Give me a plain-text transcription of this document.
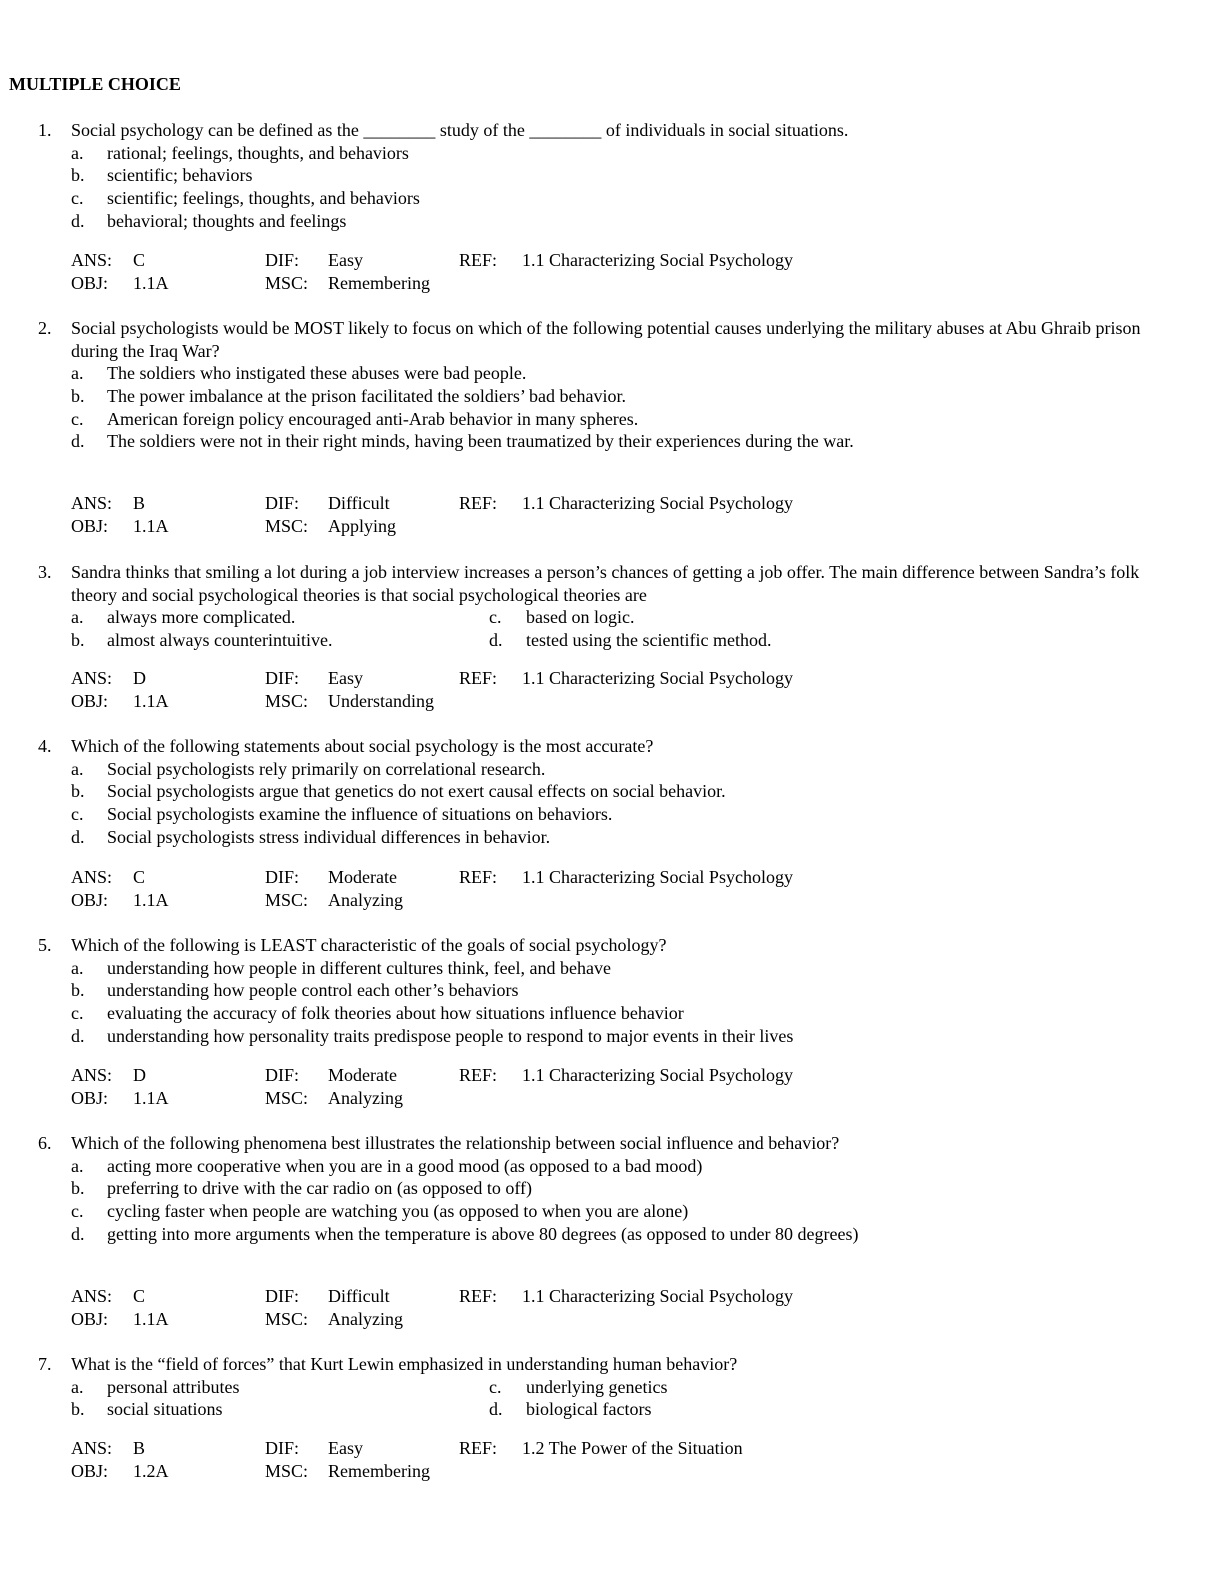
MULTIPLE CHOICE
1.	Social psychology can be defined as the ________ study of the ________ of individuals in social situations.
a. rational; feelings, thoughts, and behaviors
b. scientific; behaviors
c. scientific; feelings, thoughts, and behaviors
d. behavioral; thoughts and feelings
ANS: C	DIF: Easy	REF: 1.1 Characterizing Social Psychology
OBJ: 1.1A	MSC: Remembering
2.	Social psychologists would be MOST likely to focus on which of the following potential causes underlying the military abuses at Abu Ghraib prison during the Iraq War?
a. The soldiers who instigated these abuses were bad people.
b. The power imbalance at the prison facilitated the soldiers’ bad behavior.
c. American foreign policy encouraged anti-Arab behavior in many spheres.
d. The soldiers were not in their right minds, having been traumatized by their experiences during the war.
ANS: B	DIF: Difficult	REF: 1.1 Characterizing Social Psychology
OBJ: 1.1A	MSC: Applying
3.	Sandra thinks that smiling a lot during a job interview increases a person’s chances of getting a job offer. The main difference between Sandra’s folk theory and social psychological theories is that social psychological theories are
a. always more complicated.	c. based on logic.
b. almost always counterintuitive.	d. tested using the scientific method.
ANS: D	DIF: Easy	REF: 1.1 Characterizing Social Psychology
OBJ: 1.1A	MSC: Understanding
4.	Which of the following statements about social psychology is the most accurate?
a. Social psychologists rely primarily on correlational research.
b. Social psychologists argue that genetics do not exert causal effects on social behavior.
c. Social psychologists examine the influence of situations on behaviors.
d. Social psychologists stress individual differences in behavior.
ANS: C	DIF: Moderate	REF: 1.1 Characterizing Social Psychology
OBJ: 1.1A	MSC: Analyzing
5.	Which of the following is LEAST characteristic of the goals of social psychology?
a. understanding how people in different cultures think, feel, and behave
b. understanding how people control each other’s behaviors
c. evaluating the accuracy of folk theories about how situations influence behavior
d. understanding how personality traits predispose people to respond to major events in their lives
ANS: D	DIF: Moderate	REF: 1.1 Characterizing Social Psychology
OBJ: 1.1A	MSC: Analyzing
6.	Which of the following phenomena best illustrates the relationship between social influence and behavior?
a. acting more cooperative when you are in a good mood (as opposed to a bad mood)
b. preferring to drive with the car radio on (as opposed to off)
c. cycling faster when people are watching you (as opposed to when you are alone)
d. getting into more arguments when the temperature is above 80 degrees (as opposed to under 80 degrees)
ANS: C	DIF: Difficult	REF: 1.1 Characterizing Social Psychology
OBJ: 1.1A	MSC: Analyzing
7.	What is the “field of forces” that Kurt Lewin emphasized in understanding human behavior?
a. personal attributes	c. underlying genetics
b. social situations	d. biological factors
ANS: B	DIF: Easy	REF: 1.2 The Power of the Situation
OBJ: 1.2A	MSC: Remembering
